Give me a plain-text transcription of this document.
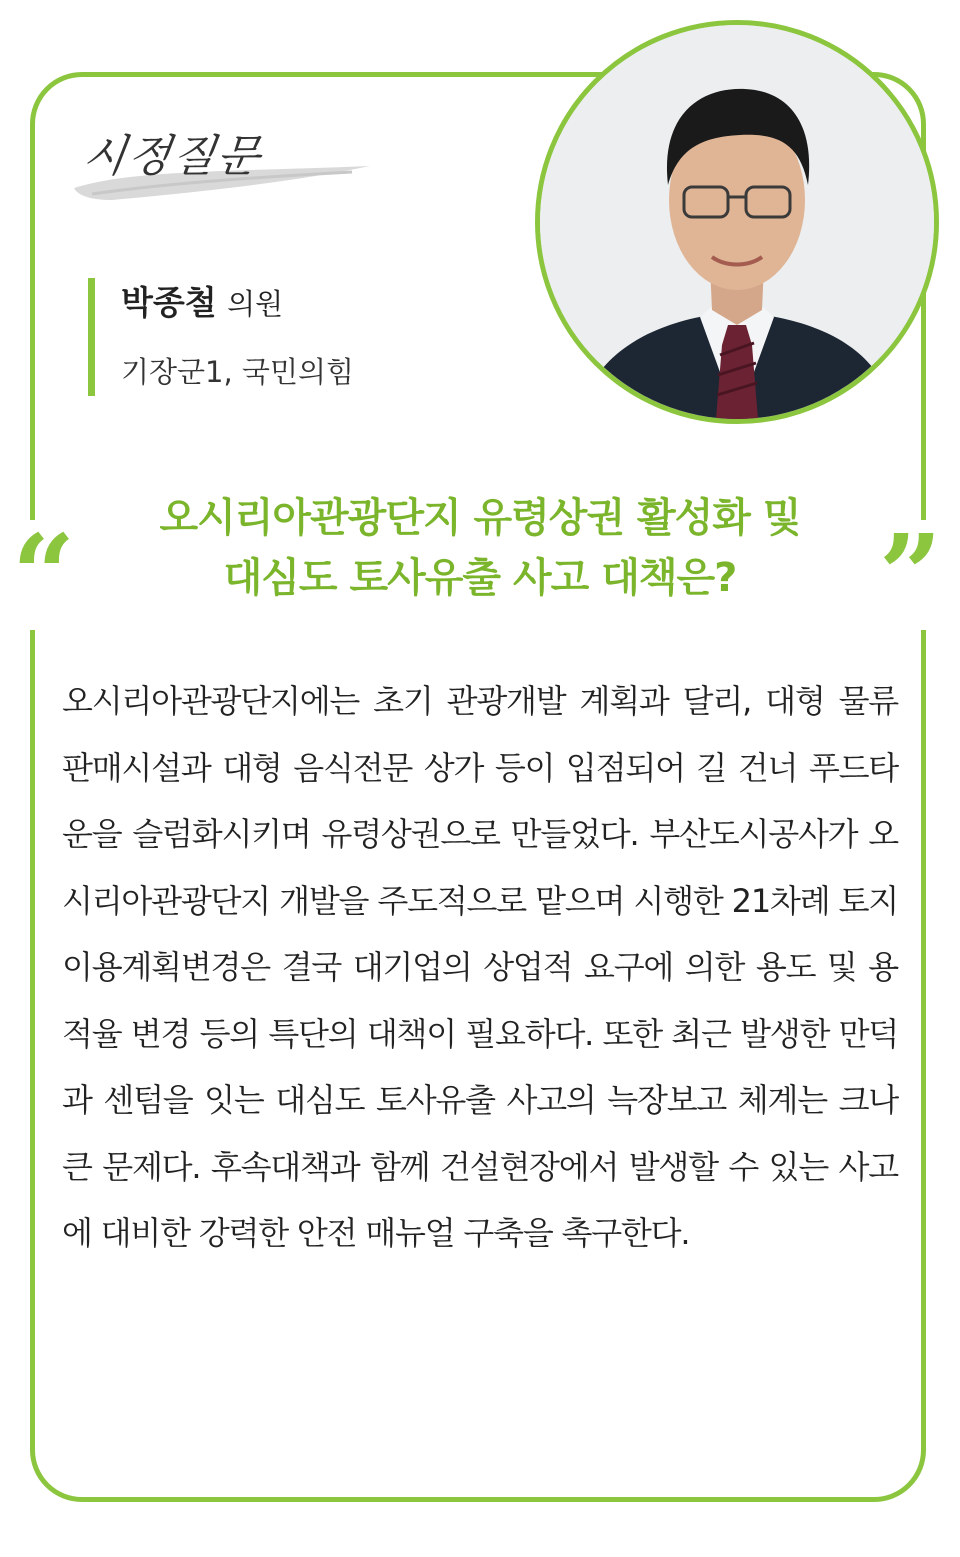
시정질문
박종철 의원
기장군1, 국민의힘
“	”
오시리아관광단지 유령상권 활성화 및
대심도 토사유출 사고 대책은?
오시리아관광단지에는 초기 관광개발 계획과 달리, 대형 물류 판매시설과 대형 음식전문 상가 등이 입점되어 길 건너 푸드타운을 슬럼화시키며 유령상권으로 만들었다. 부산도시공사가 오시리아관광단지 개발을 주도적으로 맡으며 시행한 21차례 토지이용계획변경은 결국 대기업의 상업적 요구에 의한 용도 및 용적율 변경 등의 특단의 대책이 필요하다. 또한 최근 발생한 만덕과 센텀을 잇는 대심도 토사유출 사고의 늑장보고 체계는 크나큰 문제다. 후속대책과 함께 건설현장에서 발생할 수 있는 사고에 대비한 강력한 안전 매뉴얼 구축을 촉구한다.
